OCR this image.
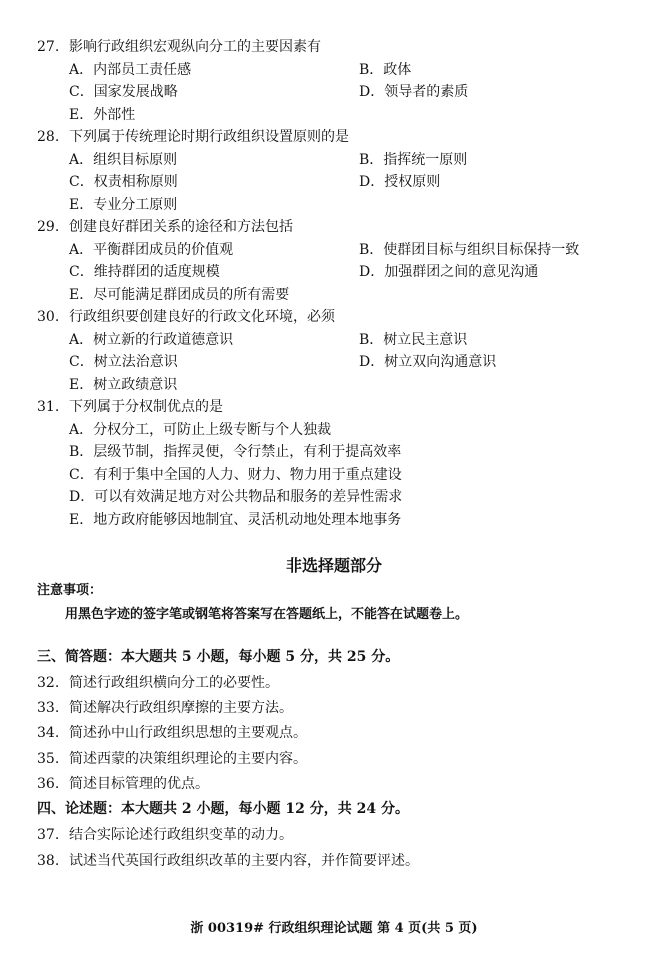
27. 影响行政组织宏观纵向分工的主要因素有
A．内部员工责任感	B．政体
C．国家发展战略	D．领导者的素质
E．外部性
28. 下列属于传统理论时期行政组织设置原则的是
A．组织目标原则	B．指挥统一原则
C．权责相称原则	D．授权原则
E．专业分工原则
29. 创建良好群团关系的途径和方法包括
A．平衡群团成员的价值观	B．使群团目标与组织目标保持一致
C．维持群团的适度规模	D．加强群团之间的意见沟通
E．尽可能满足群团成员的所有需要
30. 行政组织要创建良好的行政文化环境，必须
A．树立新的行政道德意识	B．树立民主意识
C．树立法治意识	D．树立双向沟通意识
E．树立政绩意识
31. 下列属于分权制优点的是
A．分权分工，可防止上级专断与个人独裁
B．层级节制，指挥灵便，令行禁止，有利于提高效率
C．有利于集中全国的人力、财力、物力用于重点建设
D．可以有效满足地方对公共物品和服务的差异性需求
E．地方政府能够因地制宜、灵活机动地处理本地事务
非选择题部分
注意事项：
用黑色字迹的签字笔或钢笔将答案写在答题纸上，不能答在试题卷上。
三、简答题：本大题共 5 小题，每小题 5 分，共 25 分。
32. 简述行政组织横向分工的必要性。
33. 简述解决行政组织摩擦的主要方法。
34. 简述孙中山行政组织思想的主要观点。
35. 简述西蒙的决策组织理论的主要内容。
36. 简述目标管理的优点。
四、论述题：本大题共 2 小题，每小题 12 分，共 24 分。
37. 结合实际论述行政组织变革的动力。
38. 试述当代英国行政组织改革的主要内容，并作简要评述。
浙 00319# 行政组织理论试题 第 4 页(共 5 页)
